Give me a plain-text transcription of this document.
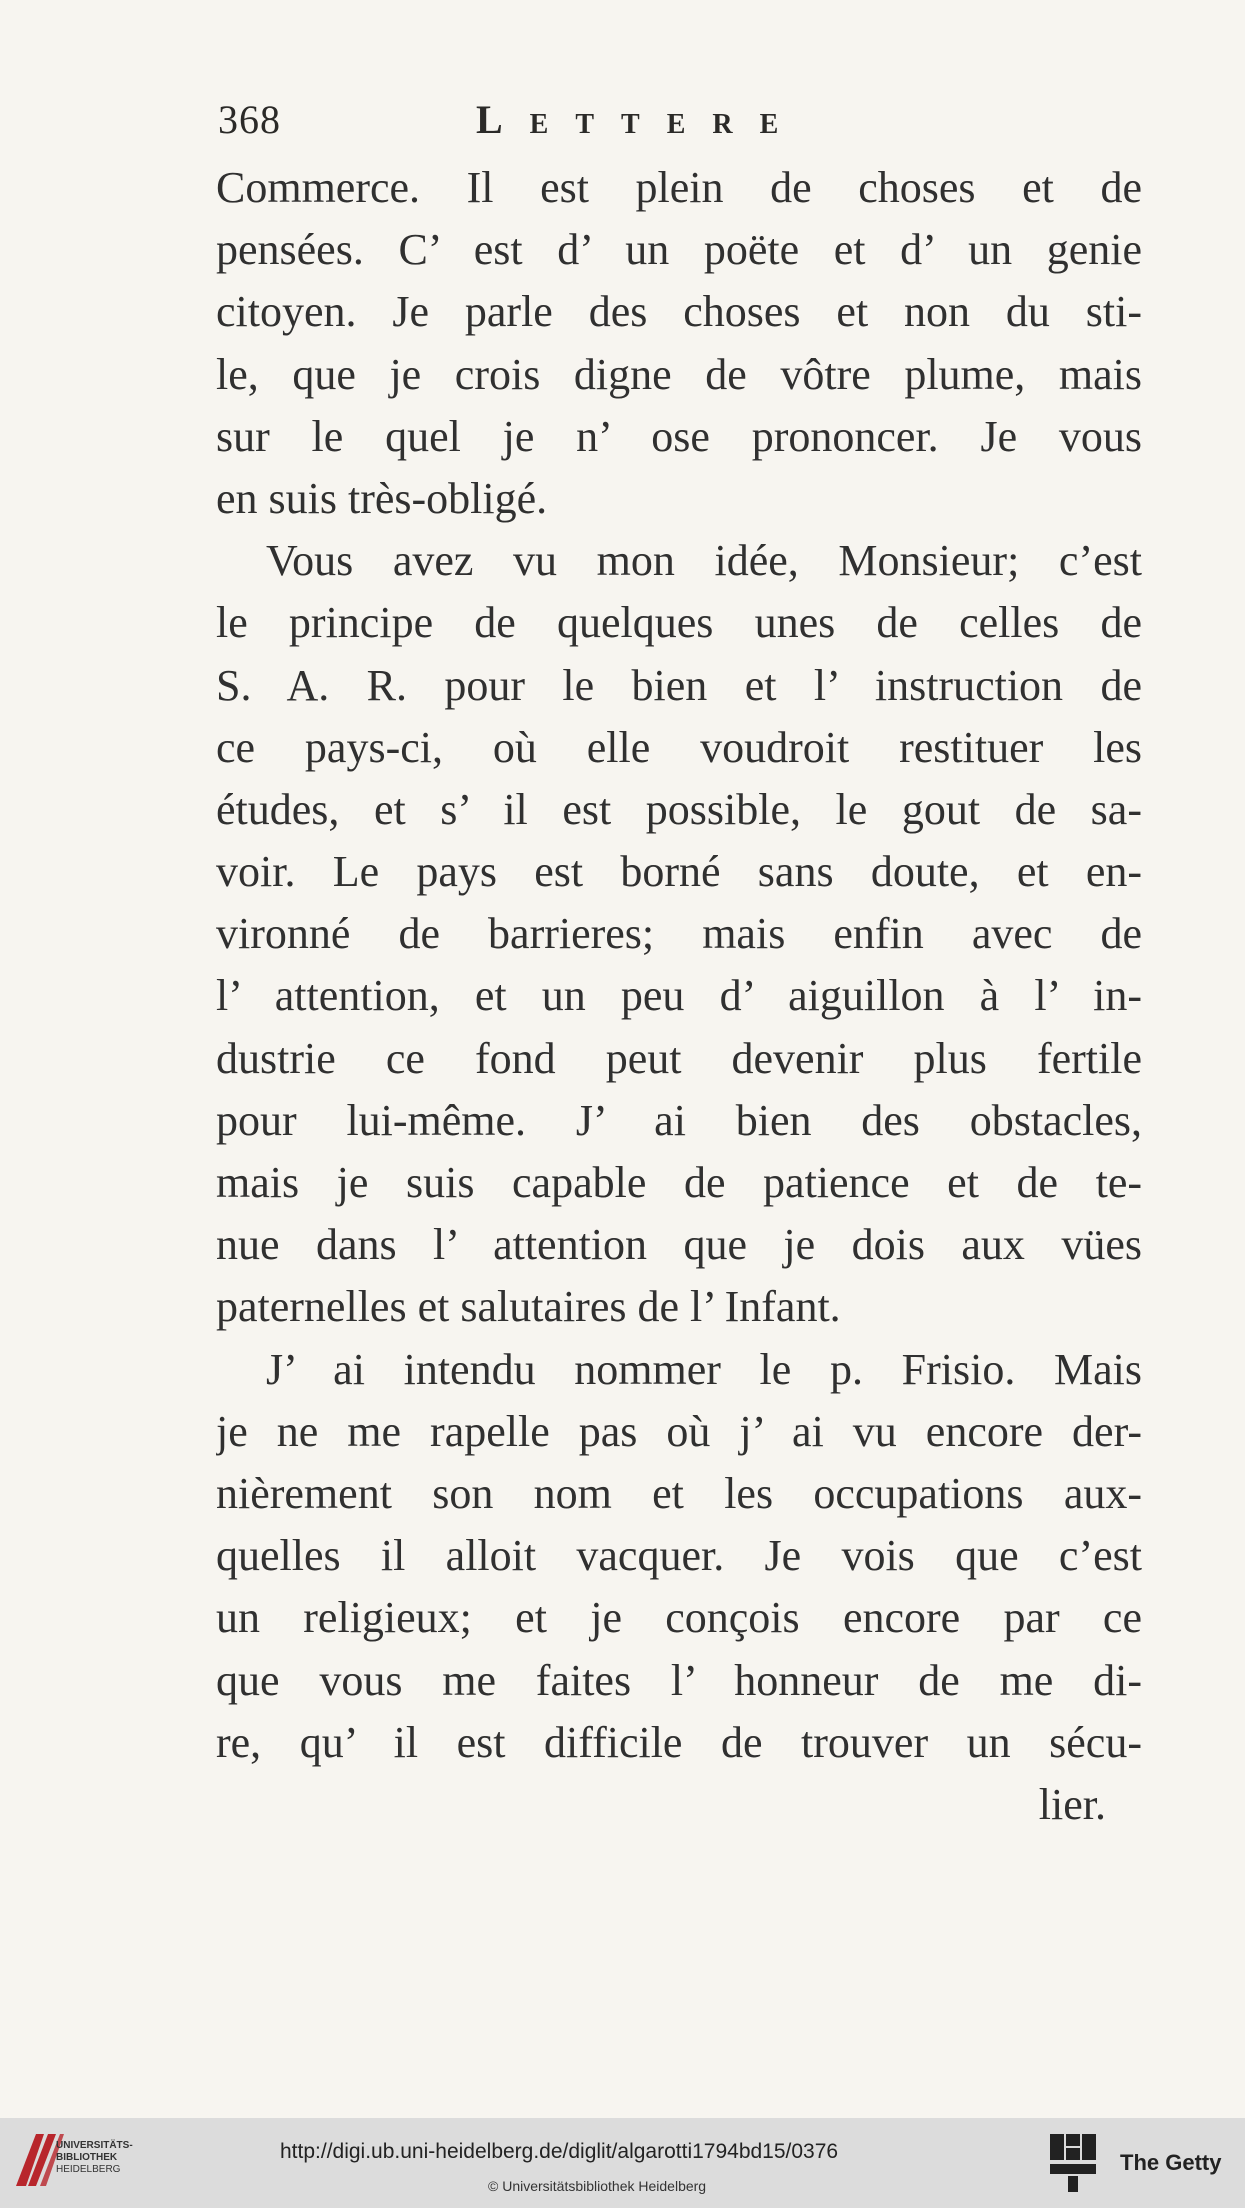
368	Lettere
Commerce. Il est plein de choses et de
pensées. C’ est d’ un poëte et d’ un genie
citoyen. Je parle des choses et non du sti-
le, que je crois digne de vôtre plume, mais
sur le quel je n’ ose prononcer. Je vous
en suis très-obligé.
Vous avez vu mon idée, Monsieur; c’est
le principe de quelques unes de celles de
S. A. R. pour le bien et l’ instruction de
ce pays-ci, où elle voudroit restituer les
études, et s’ il est possible, le gout de sa-
voir. Le pays est borné sans doute, et en-
vironné de barrieres; mais enfin avec de
l’ attention, et un peu d’ aiguillon à l’ in-
dustrie ce fond peut devenir plus fertile
pour lui-même. J’ ai bien des obstacles,
mais je suis capable de patience et de te-
nue dans l’ attention que je dois aux vües
paternelles et salutaires de l’ Infant.
J’ ai intendu nommer le p. Frisio. Mais
je ne me rapelle pas où j’ ai vu encore der-
nièrement son nom et les occupations aux-
quelles il alloit vacquer. Je vois que c’est
un religieux; et je conçois encore par ce
que vous me faites l’ honneur de me di-
re, qu’ il est difficile de trouver un sécu-
lier.
UNIVERSITÄTS-
BIBLIOTHEK
HEIDELBERG
http://digi.ub.uni-heidelberg.de/diglit/algarotti1794bd15/0376
© Universitätsbibliothek Heidelberg
The Getty
